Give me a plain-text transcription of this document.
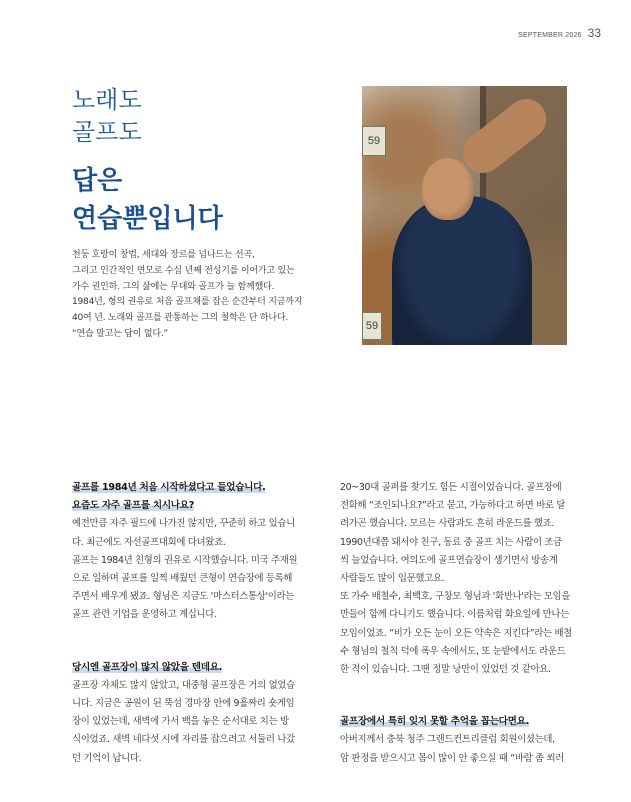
SEPTEMBER 2026 33
노래도
골프도
답은
연습뿐입니다
천둥 호랑이 창법, 세대와 장르를 넘나드는 선곡,
그리고 인간적인 면모로 수십 년째 전성기를 이어가고 있는
가수 권인하. 그의 삶에는 무대와 골프가 늘 함께했다.
1984년, 형의 권유로 처음 골프채를 잡은 순간부터 지금까지
40여 년. 노래와 골프를 관통하는 그의 철학은 단 하나다.
“연습 말고는 답이 없다.”
59
59
골프를 1984년 처음 시작하셨다고 들었습니다.
요즘도 자주 골프를 치시나요?
예전만큼 자주 필드에 나가진 않지만, 꾸준히 하고 있습니
다. 최근에도 자선골프대회에 다녀왔죠.
골프는 1984년 친형의 권유로 시작했습니다. 미국 주재원
으로 일하며 골프를 일찍 배웠던 큰형이 연습장에 등록해
주면서 배우게 됐죠. 형님은 지금도 '마스터스통상'이라는
골프 관련 기업을 운영하고 계십니다.
당시엔 골프장이 많지 않았을 텐데요.
골프장 자체도 많지 않았고, 대중형 골프장은 거의 없었습
니다. 지금은 공원이 된 뚝섬 경마장 안에 9홀짜리 숏게임
장이 있었는데, 새벽에 가서 백을 놓은 순서대로 치는 방
식이었죠. 새벽 네다섯 시에 자리를 잡으려고 서둘러 나갔
던 기억이 납니다.
20~30대 골퍼를 찾기도 힘든 시절이었습니다. 골프장에
전화해 “조인되나요?”라고 묻고, 가능하다고 하면 바로 달
려가곤 했습니다. 모르는 사람과도 흔히 라운드를 했죠.
1990년대쯤 돼서야 친구, 동료 중 골프 치는 사람이 조금
씩 늘었습니다. 여의도에 골프연습장이 생기면서 방송계
사람들도 많이 입문했고요.
또 가수 배철수, 최백호, 구창모 형님과 '화반나'라는 모임을
만들어 함께 다니기도 했습니다. 이름처럼 화요일에 만나는
모임이었죠. “비가 오든 눈이 오든 약속은 지킨다”라는 배철
수 형님의 철칙 덕에 폭우 속에서도, 또 눈밭에서도 라운드
한 적이 있습니다. 그땐 정말 낭만이 있었던 것 같아요.
골프장에서 특히 잊지 못할 추억을 꼽는다면요.
아버지께서 충북 청주 그랜드컨트리클럽 회원이셨는데,
암 판정을 받으시고 몸이 많이 안 좋으실 때 “바람 좀 쐬러
